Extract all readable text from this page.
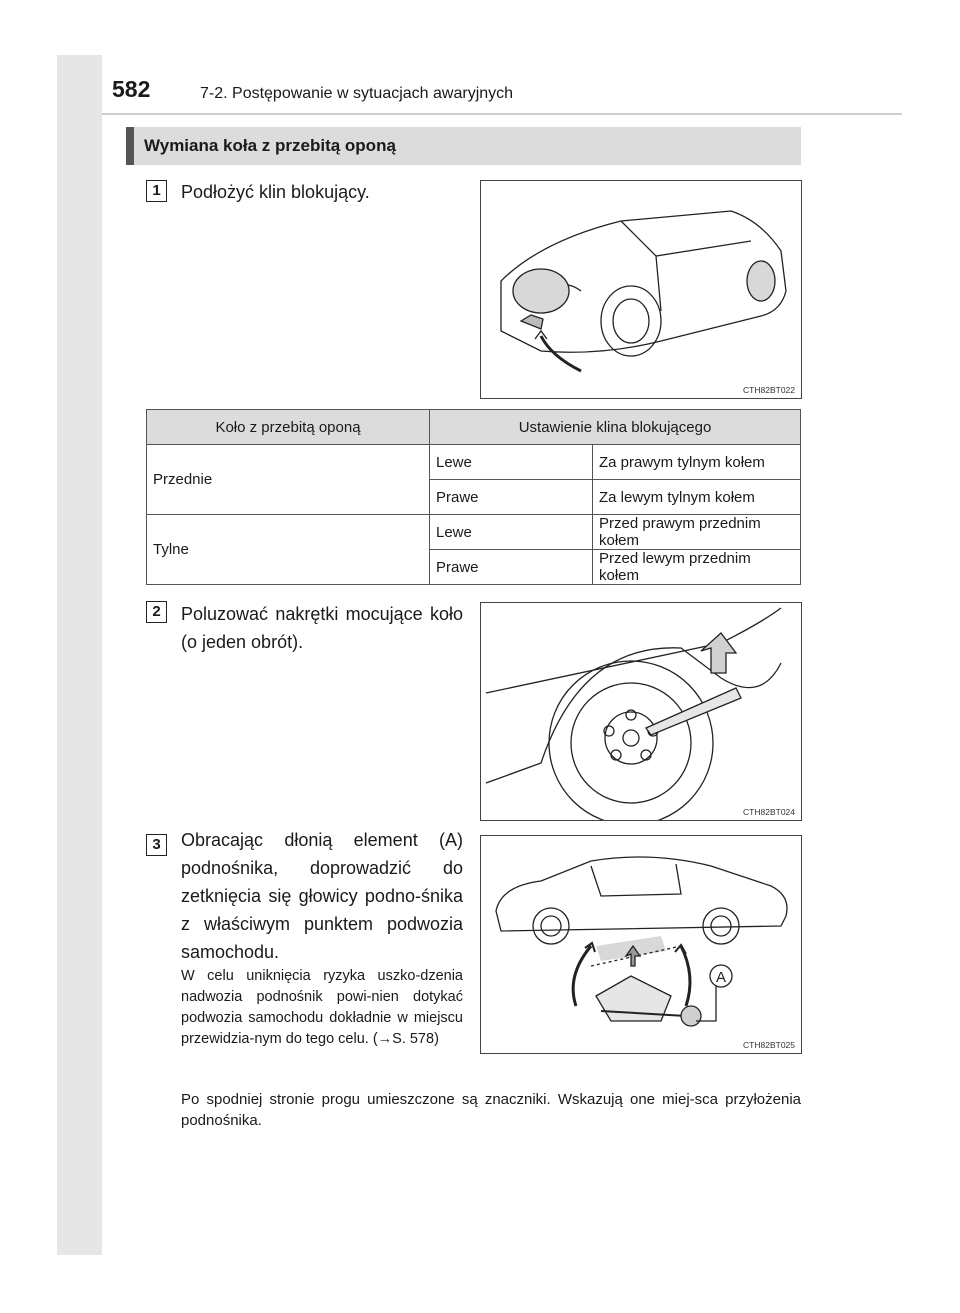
582	7-2. Postępowanie w sytuacjach awaryjnych
Wymiana koła z przebitą oponą
1	Podłożyć klin blokujący.
CTH82BT022
Koło z przebitą oponą	Ustawienie klina blokującego	
Przednie	Lewe	Za prawym tylnym kołem
	Prawe	Za lewym tylnym kołem
Tylne	Lewe	Przed prawym przednim kołem
	Prawe	Przed lewym przednim kołem
2	Poluzować nakrętki mocujące koło (o jeden obrót).
CTH82BT024
3	Obracając dłonią element (A) podnośnika, doprowadzić do zetknięcia się głowicy podno-śnika z właściwym punktem podwozia samochodu.
W celu uniknięcia ryzyka uszko-dzenia nadwozia podnośnik powi-nien dotykać podwozia samochodu dokładnie w miejscu przewidzia-nym do tego celu. (→S. 578)
A
CTH82BT025
Po spodniej stronie progu umieszczone są znaczniki. Wskazują one miej-sca przyłożenia podnośnika.
